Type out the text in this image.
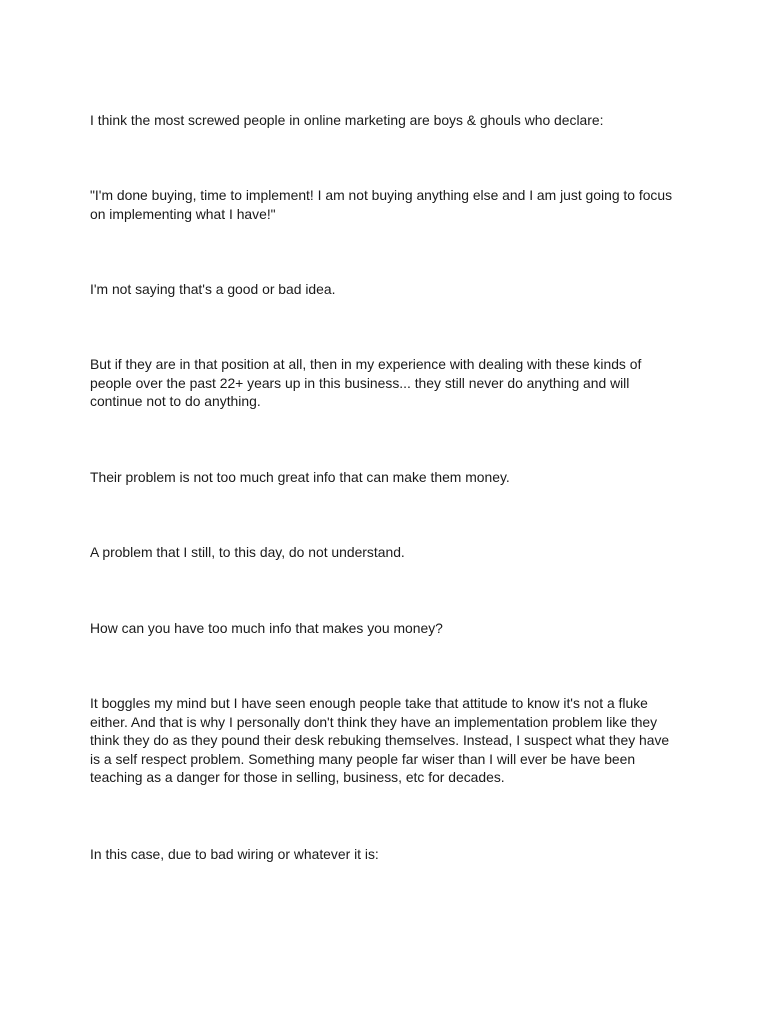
I think the most screwed people in online marketing are boys & ghouls who declare:

"I'm done buying, time to implement! I am not buying anything else and I am just going to focus on implementing what I have!"

I'm not saying that's a good or bad idea.

But if they are in that position at all, then in my experience with dealing with these kinds of people over the past 22+ years up in this business... they still never do anything and will continue not to do anything.

Their problem is not too much great info that can make them money.

A problem that I still, to this day, do not understand.

How can you have too much info that makes you money?

It boggles my mind but I have seen enough people take that attitude to know it's not a fluke either. And that is why I personally don't think they have an implementation problem like they think they do as they pound their desk rebuking themselves. Instead, I suspect what they have is a self respect problem. Something many people far wiser than I will ever be have been teaching as a danger for those in selling, business, etc for decades.

In this case, due to bad wiring or whatever it is:
